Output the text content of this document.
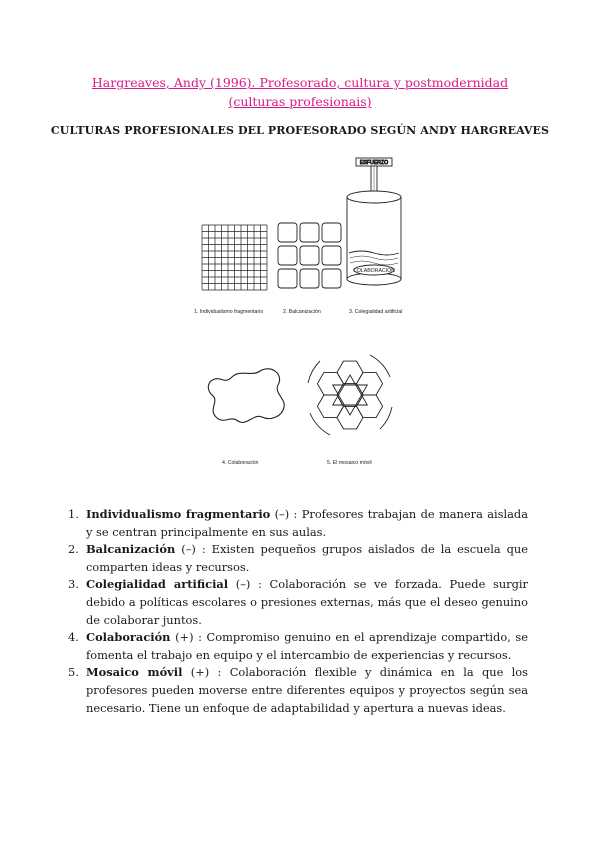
Hargreaves, Andy (1996). Profesorado, cultura y postmodernidad (culturas profesionais)
CULTURAS PROFESIONALES DEL PROFESORADO SEGÚN ANDY HARGREAVES
ESFUERZO
COLABORACIÓN
1. Individualismo fragmentario	2. Balcanización	3. Colegialidad artificial
4. Colaboración	5. El mosaico móvil
1. Individualismo fragmentario (–) : Profesores trabajan de manera aislada y se centran principalmente en sus aulas.
2. Balcanización (–) : Existen pequeños grupos aislados de la escuela que comparten ideas y recursos.
3. Colegialidad artificial (–) : Colaboración se ve forzada. Puede surgir debido a políticas escolares o presiones externas, más que el deseo genuino de colaborar juntos.
4. Colaboración (+) : Compromiso genuino en el aprendizaje compartido, se fomenta el trabajo en equipo y el intercambio de experiencias y recursos.
5. Mosaico móvil (+) : Colaboración flexible y dinámica en la que los profesores pueden moverse entre diferentes equipos y proyectos según sea necesario. Tiene un enfoque de adaptabilidad y apertura a nuevas ideas.
